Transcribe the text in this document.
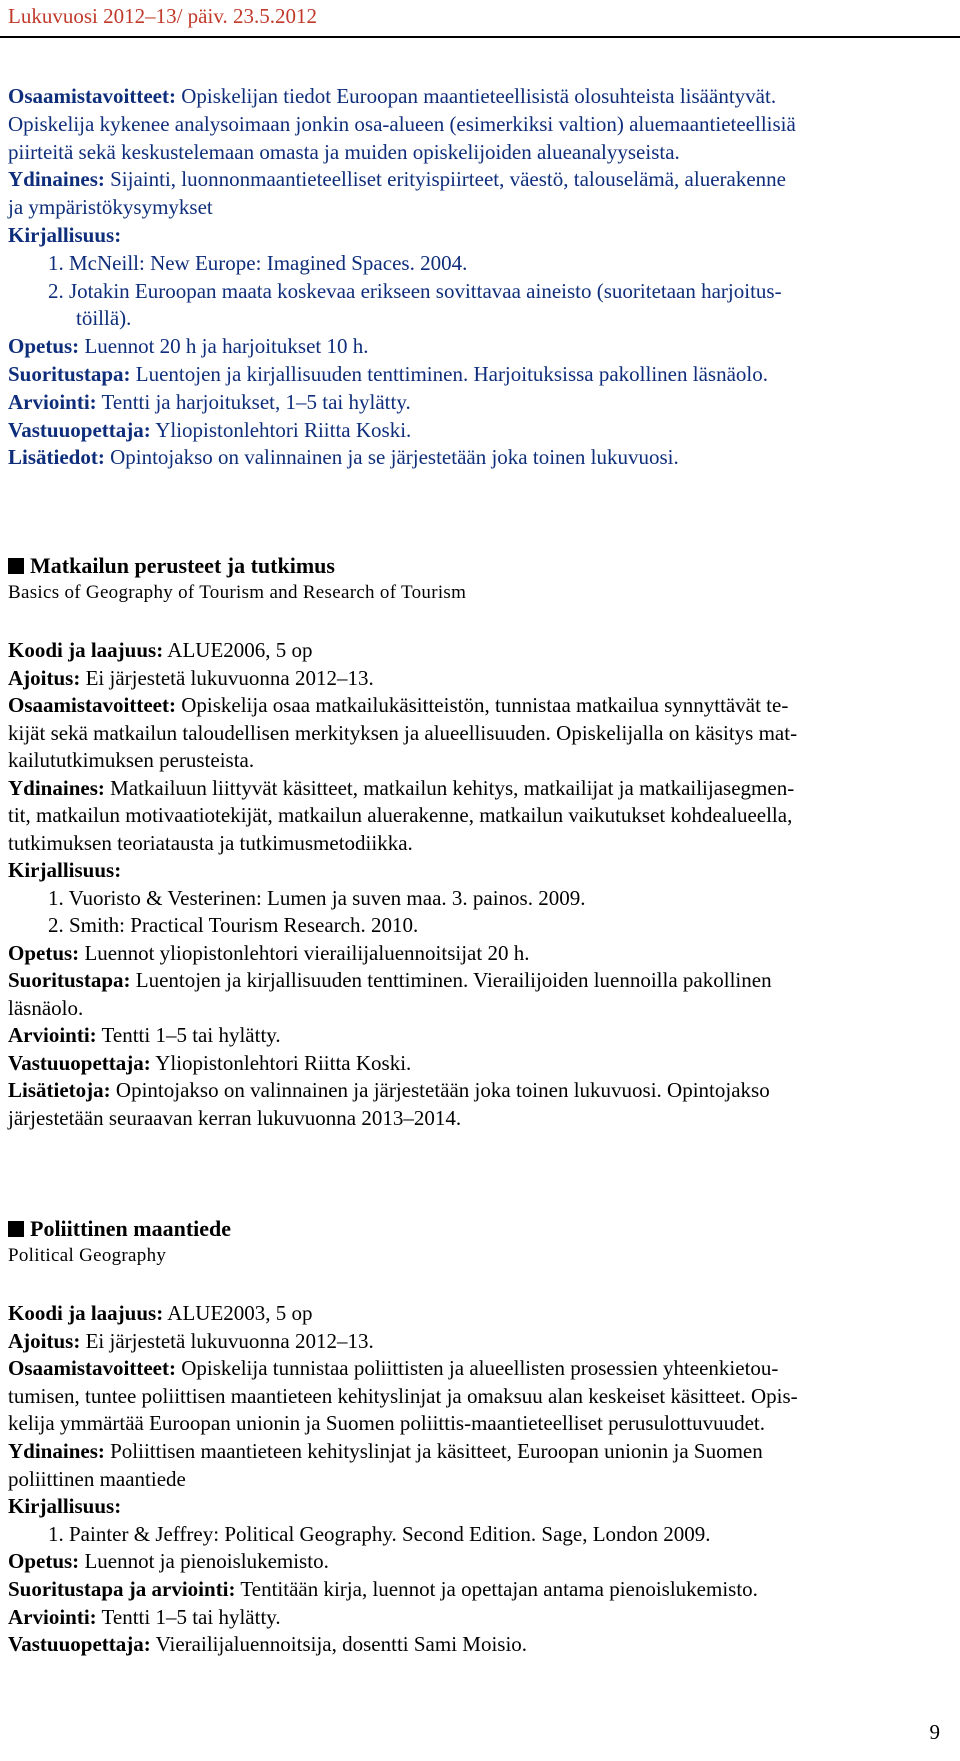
Lukuvuosi 2012–13/ päiv. 23.5.2012
Osaamistavoitteet: Opiskelijan tiedot Euroopan maantieteellisistä olosuhteista lisääntyvät.
Opiskelija kykenee analysoimaan jonkin osa-alueen (esimerkiksi valtion) aluemaantieteellisiä
piirteitä sekä keskustelemaan omasta ja muiden opiskelijoiden alueanalyyseista.
Ydinaines: Sijainti, luonnonmaantieteelliset erityispiirteet, väestö, talouselämä, aluerakenne
ja ympäristökysymykset
Kirjallisuus:
1. McNeill: New Europe: Imagined Spaces. 2004.
2. Jotakin Euroopan maata koskevaa erikseen sovittavaa aineisto (suoritetaan harjoitus-
töillä).
Opetus: Luennot 20 h ja harjoitukset 10 h.
Suoritustapa: Luentojen ja kirjallisuuden tenttiminen. Harjoituksissa pakollinen läsnäolo.
Arviointi: Tentti ja harjoitukset, 1–5 tai hylätty.
Vastuuopettaja: Yliopistonlehtori Riitta Koski.
Lisätiedot: Opintojakso on valinnainen ja se järjestetään joka toinen lukuvuosi.
Matkailun perusteet ja tutkimus
Basics of Geography of Tourism and Research of Tourism
Koodi ja laajuus: ALUE2006, 5 op
Ajoitus: Ei järjestetä lukuvuonna 2012–13.
Osaamistavoitteet: Opiskelija osaa matkailukäsitteistön, tunnistaa matkailua synnyttävät te-
kijät sekä matkailun taloudellisen merkityksen ja alueellisuuden. Opiskelijalla on käsitys mat-
kailututkimuksen perusteista.
Ydinaines: Matkailuun liittyvät käsitteet, matkailun kehitys, matkailijat ja matkailijasegmen-
tit, matkailun motivaatiotekijät, matkailun aluerakenne, matkailun vaikutukset kohdealueella,
tutkimuksen teoriatausta ja tutkimusmetodiikka.
Kirjallisuus:
1. Vuoristo & Vesterinen: Lumen ja suven maa. 3. painos. 2009.
2. Smith: Practical Tourism Research. 2010.
Opetus: Luennot yliopistonlehtori vierailijaluennoitsijat 20 h.
Suoritustapa: Luentojen ja kirjallisuuden tenttiminen. Vierailijoiden luennoilla pakollinen
läsnäolo.
Arviointi: Tentti 1–5 tai hylätty.
Vastuuopettaja: Yliopistonlehtori Riitta Koski.
Lisätietoja: Opintojakso on valinnainen ja järjestetään joka toinen lukuvuosi. Opintojakso
järjestetään seuraavan kerran lukuvuonna 2013–2014.
Poliittinen maantiede
Political Geography
Koodi ja laajuus: ALUE2003, 5 op
Ajoitus: Ei järjestetä lukuvuonna 2012–13.
Osaamistavoitteet: Opiskelija tunnistaa poliittisten ja alueellisten prosessien yhteenkietou-
tumisen, tuntee poliittisen maantieteen kehityslinjat ja omaksuu alan keskeiset käsitteet. Opis-
kelija ymmärtää Euroopan unionin ja Suomen poliittis-maantieteelliset perusulottuvuudet.
Ydinaines: Poliittisen maantieteen kehityslinjat ja käsitteet, Euroopan unionin ja Suomen
poliittinen maantiede
Kirjallisuus:
1. Painter & Jeffrey: Political Geography. Second Edition. Sage, London 2009.
Opetus: Luennot ja pienoislukemisto.
Suoritustapa ja arviointi: Tentitään kirja, luennot ja opettajan antama pienoislukemisto.
Arviointi: Tentti 1–5 tai hylätty.
Vastuuopettaja: Vierailijaluennoitsija, dosentti Sami Moisio.
9
